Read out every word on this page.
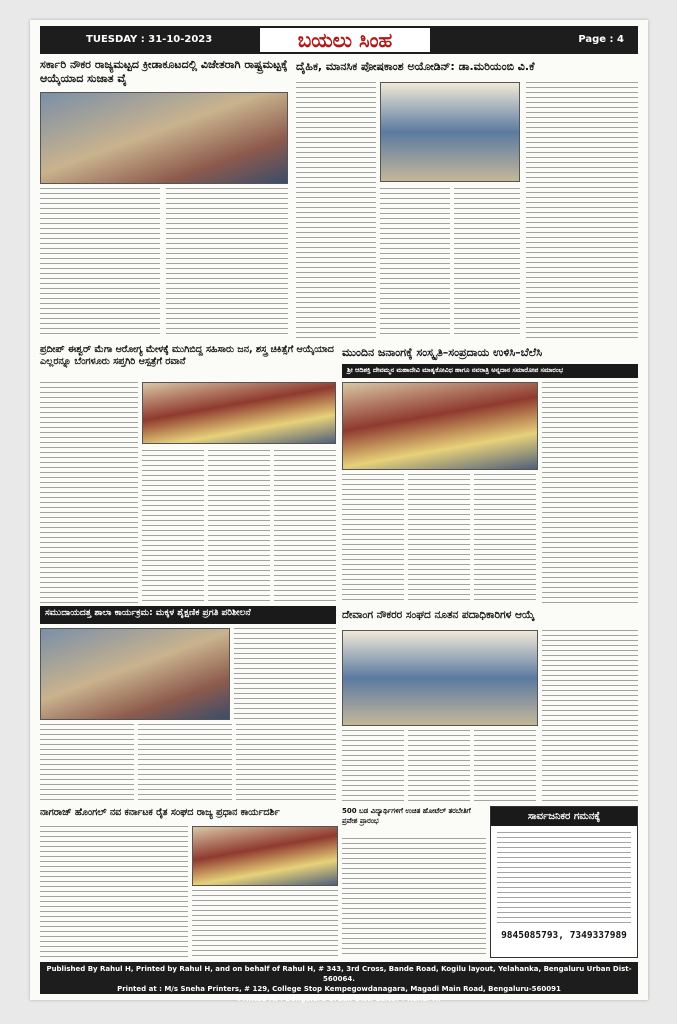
TUESDAY : 31-10-2023	ಬಯಲು ಸಿಂಹ	Page : 4
ಸರ್ಕಾರಿ ನೌಕರ ರಾಜ್ಯಮಟ್ಟದ ಕ್ರೀಡಾಕೂಟದಲ್ಲಿ ವಿಜೇತರಾಗಿ ರಾಷ್ಟ್ರಮಟ್ಟಕ್ಕೆ ಆಯ್ಕೆಯಾದ ಸುಜಾತ ವೈ
ದೈಹಿಕ, ಮಾನಸಿಕ ಪೋಷಕಾಂಶ ಅಯೋಡಿನ್: ಡಾ.ಮರಿಯಂಬಿ ವಿ.ಕೆ
ಪ್ರದೀಪ್ ಈಶ್ವರ್ ಮೆಗಾ ಆರೋಗ್ಯ ಮೇಳಕ್ಕೆ ಮುಗಿಬಿದ್ದ ಸಹಿಸಾರು ಜನ, ಶಸ್ತ್ರ ಚಿಕಿತ್ಸೆಗೆ ಆಯ್ಕೆಯಾದ ಎಲ್ಲರನ್ನೂ ಬೆಂಗಳೂರು ಸಪ್ತಗಿರಿ ಆಸ್ಪತ್ರೆಗೆ ರವಾನೆ
ಮುಂದಿನ ಜನಾಂಗಕ್ಕೆ ಸಂಸ್ಕೃತಿ–ಸಂಪ್ರದಾಯ ಉಳಿಸಿ–ಬೆಲೆಸಿ
ಶ್ರೀ ಆದಿಶಕ್ತಿ ದೇವಮ್ಮನ ಮಹಾದೇವಿ ಮಾತೃಕೋವಿಧ ಹಾಗೂ ನವರಾತ್ರಿ ಅನ್ನದಾನ ಸಮಾರೋಪ ಸಮಾರಂಭ
ಸಮುದಾಯದತ್ತ ಶಾಲಾ ಕಾರ್ಯಕ್ರಮ: ಮಕ್ಕಳ ಶೈಕ್ಷಣಿಕ ಪ್ರಗತಿ ಪರಿಶೀಲನೆ	ದೇವಾಂಗ ನೌಕರರ ಸಂಘದ ನೂತನ ಪದಾಧಿಕಾರಿಗಳ ಆಯ್ಕೆ
ನಾಗರಾಜ್ ಹೊಂಗಲ್ ನವ ಕರ್ನಾಟಕ ರೈತ ಸಂಘದ ರಾಜ್ಯ ಪ್ರಧಾನ ಕಾರ್ಯದರ್ಶಿ	500 ಬಡ ವಿದ್ಯಾರ್ಥಿಗಳಿಗೆ ಉಚಿತ ಹೋಟೆಲ್ ತರಬೇತಿಗೆ ಪ್ರವೇಶ ಪ್ರಾರಂಭ	ಸಾರ್ವಜನಿಕರ ಗಮನಕ್ಕೆ
9845085793, 7349337989
Published By Rahul H, Printed by Rahul H, and on behalf of Rahul H, # 343, 3rd Cross, Bande Road, Kogilu layout, Yelahanka, Bengaluru Urban Dist-560064.
Printed at : M/s Sneha Printers, # 129, College Stop Kempegowdanagara, Magadi Main Road, Bengaluru-560091
Printed At : Bengaluru Urban Dist. Editor : Rahul H.
